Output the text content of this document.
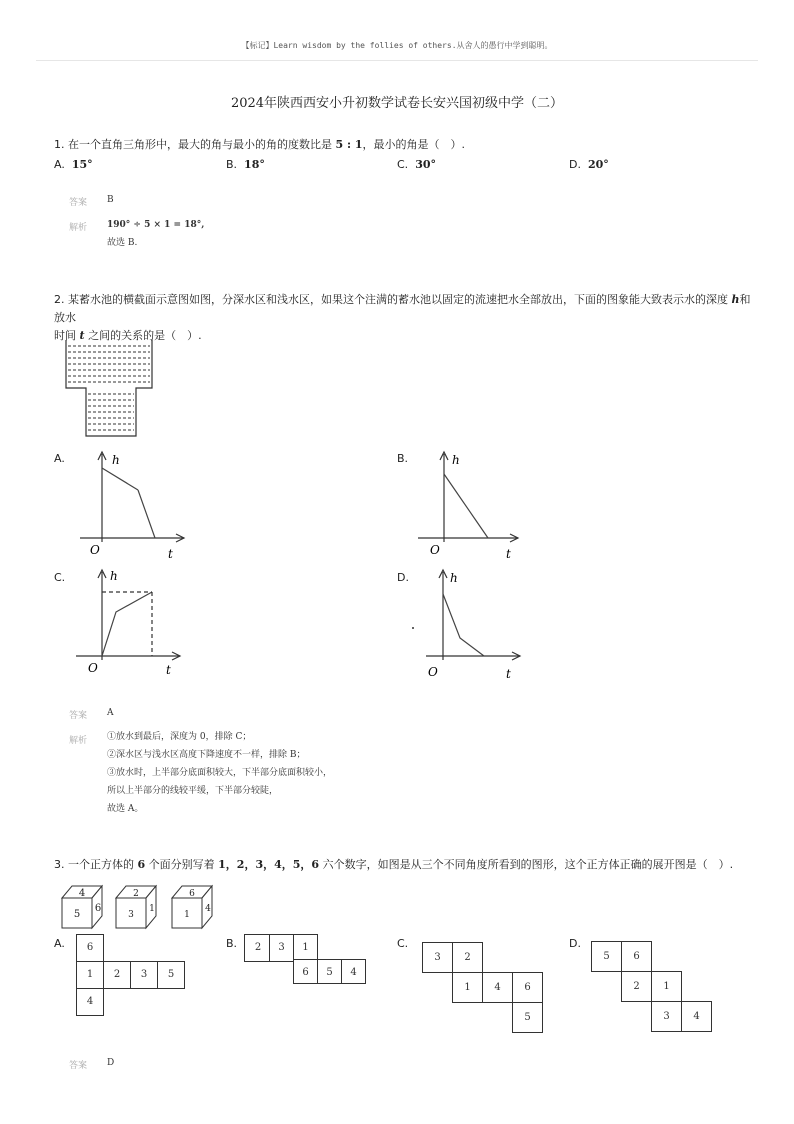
【标记】Learn wisdom by the follies of others.从舍人的愚行中学到聪明。
2024年陕西西安小升初数学试卷长安兴国初级中学（二）
1. 在一个直角三角形中，最大的角与最小的角的度数比是 5 : 1，最小的角是（　）.
A. 15°	B. 18°	C. 30°	D. 20°
答案 B
解析 190° ÷ 5 × 1 = 18°,
故选 B.
2. 某蓄水池的横截面示意图如图，分深水区和浅水区，如果这个注满的蓄水池以固定的流速把水全部放出，下面的图象能大致表示水的深度 h和放水
时间 t 之间的关系的是（　）.
A.	h
O	t
B.	h
O	t
C.	h
O	t
D.	h
O	t
答案 A
解析 ①放水到最后，深度为 0，排除 C；
②深水区与浅水区高度下降速度不一样，排除 B；
③放水时，上半部分底面积较大，下半部分底面积较小，
所以上半部分的线较平缓，下半部分较陡，
故选 A。
3. 一个正方体的 6 个面分别写着 1，2，3，4，5，6 六个数字，如图是从三个不同角度所看到的图形，这个正方体正确的展开图是（　）.
4
5
6
2
3
1
6
1
4
A.	6
1	2	3	5
4
B.	2	3	1
6	5	4
C.
3	2
1	4	6
5
D.
5	6
2	1
3	4
答案 D
